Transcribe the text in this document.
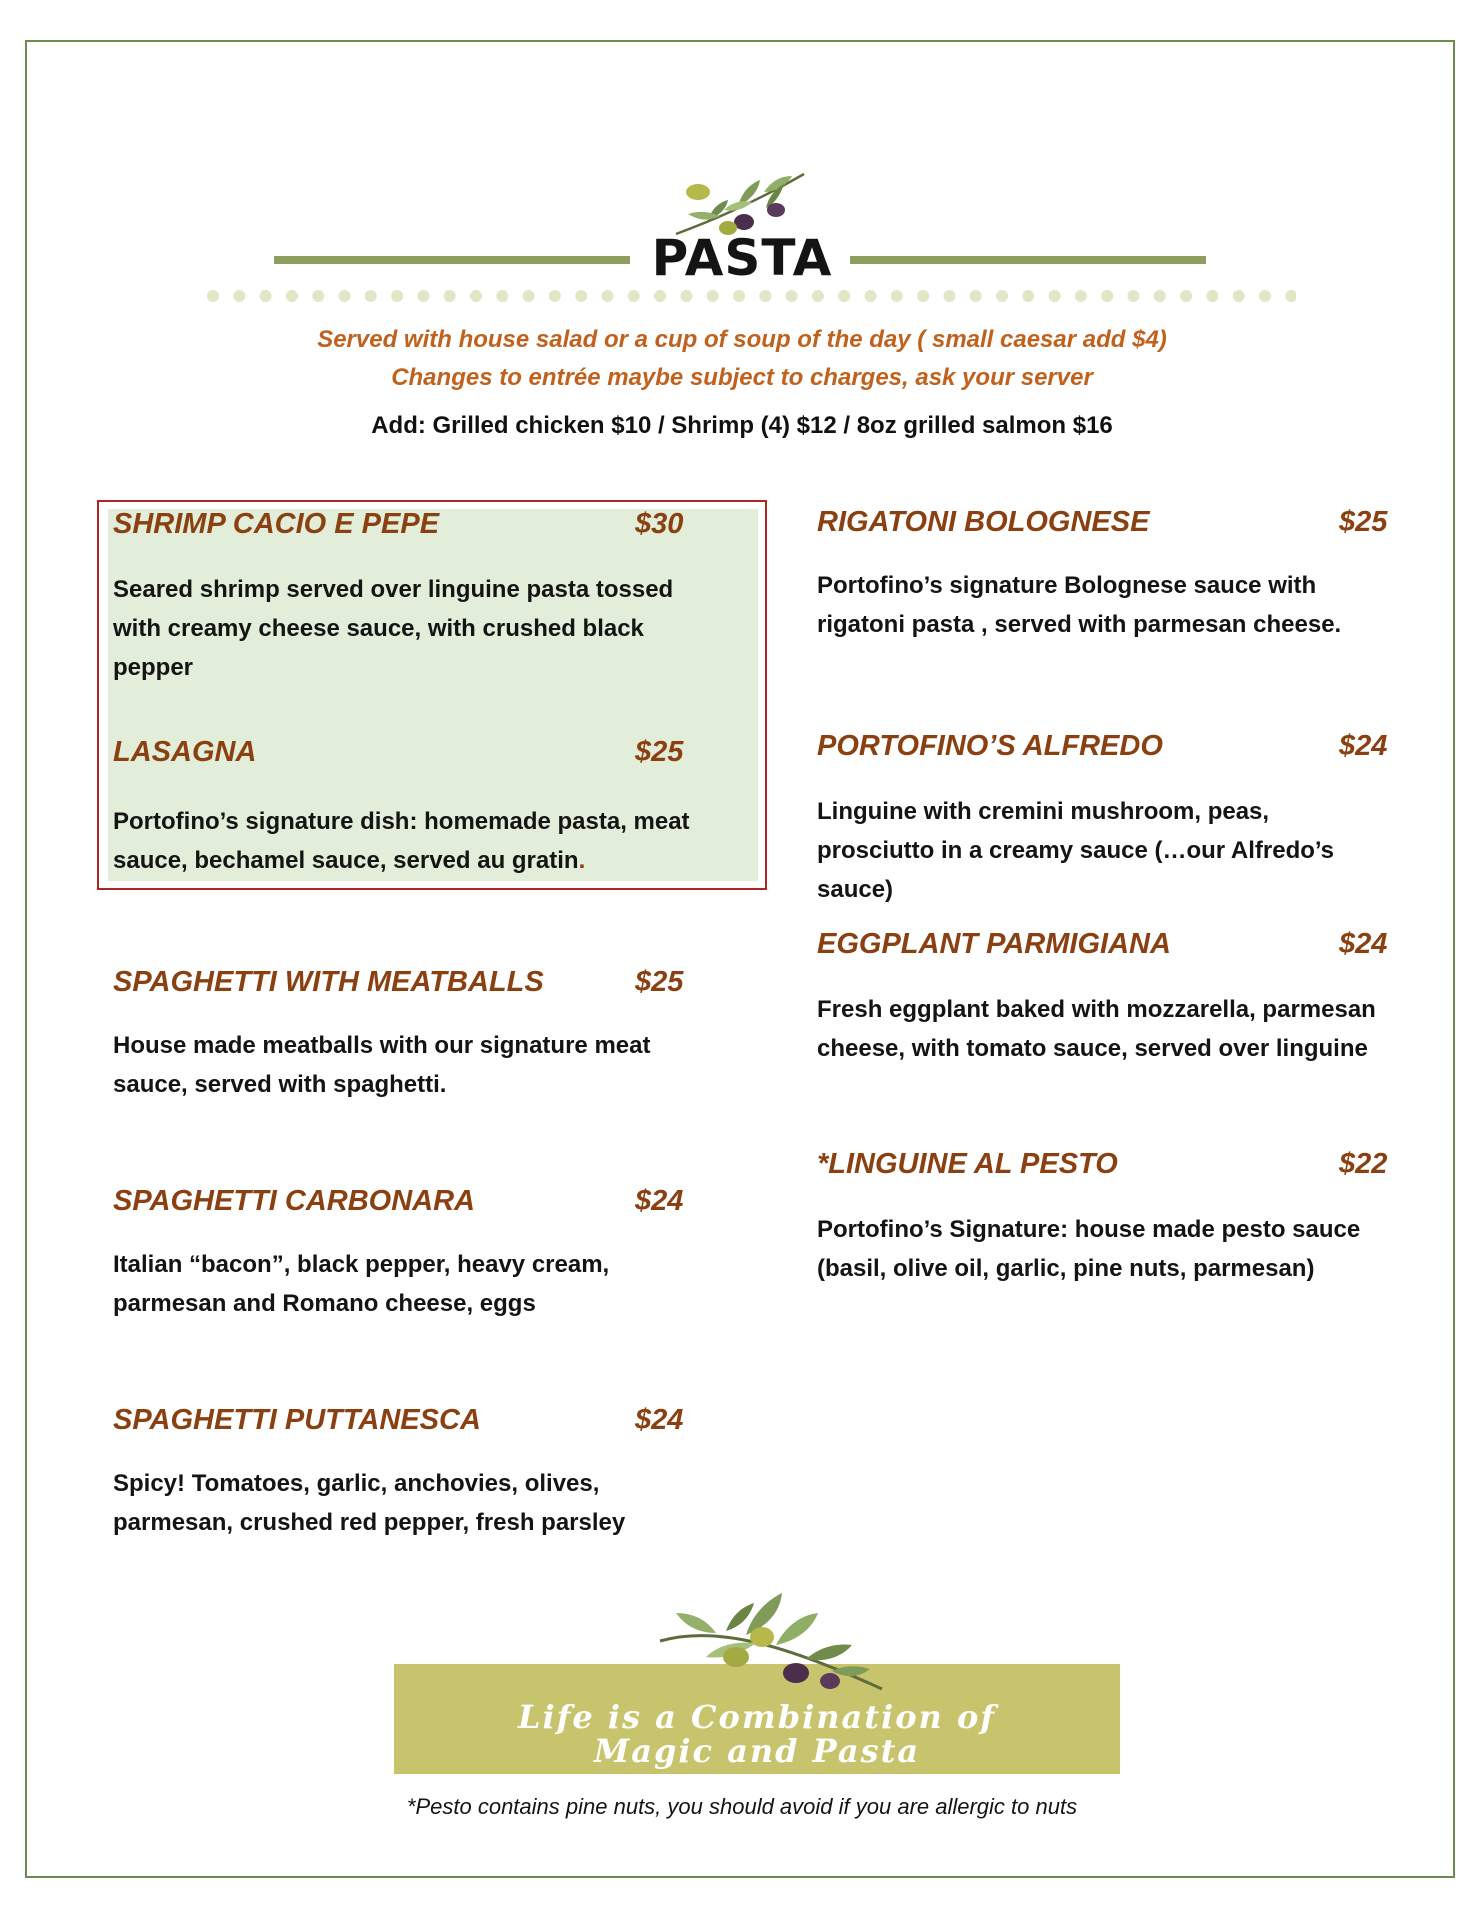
PASTA
Served with house salad or a cup of soup of the day ( small caesar add $4)
Changes to entrée maybe subject to charges, ask your server
Add: Grilled chicken $10 / Shrimp (4) $12 / 8oz grilled salmon $16
SHRIMP CACIO E PEPE	$30
Seared shrimp served over linguine pasta tossed with creamy cheese sauce, with crushed black pepper
LASAGNA	$25
Portofino’s signature dish: homemade pasta, meat sauce, bechamel sauce, served au gratin.
SPAGHETTI WITH MEATBALLS	$25
House made meatballs with our signature meat sauce, served with spaghetti.
SPAGHETTI CARBONARA	$24
Italian “bacon”, black pepper, heavy cream, parmesan and Romano cheese, eggs
SPAGHETTI PUTTANESCA	$24
Spicy! Tomatoes, garlic, anchovies, olives, parmesan, crushed red pepper, fresh parsley
RIGATONI BOLOGNESE	$25
Portofino’s signature Bolognese sauce with rigatoni pasta , served with parmesan cheese.
PORTOFINO’S ALFREDO	$24
Linguine with cremini mushroom, peas, prosciutto in a creamy sauce (…our Alfredo’s sauce)
EGGPLANT PARMIGIANA	$24
Fresh eggplant baked with mozzarella, parmesan cheese, with tomato sauce, served over linguine
*LINGUINE AL PESTO	$22
Portofino’s Signature: house made pesto sauce (basil, olive oil, garlic, pine nuts, parmesan)
Life is a Combination of
Magic and Pasta
*Pesto contains pine nuts, you should avoid if you are allergic to nuts
